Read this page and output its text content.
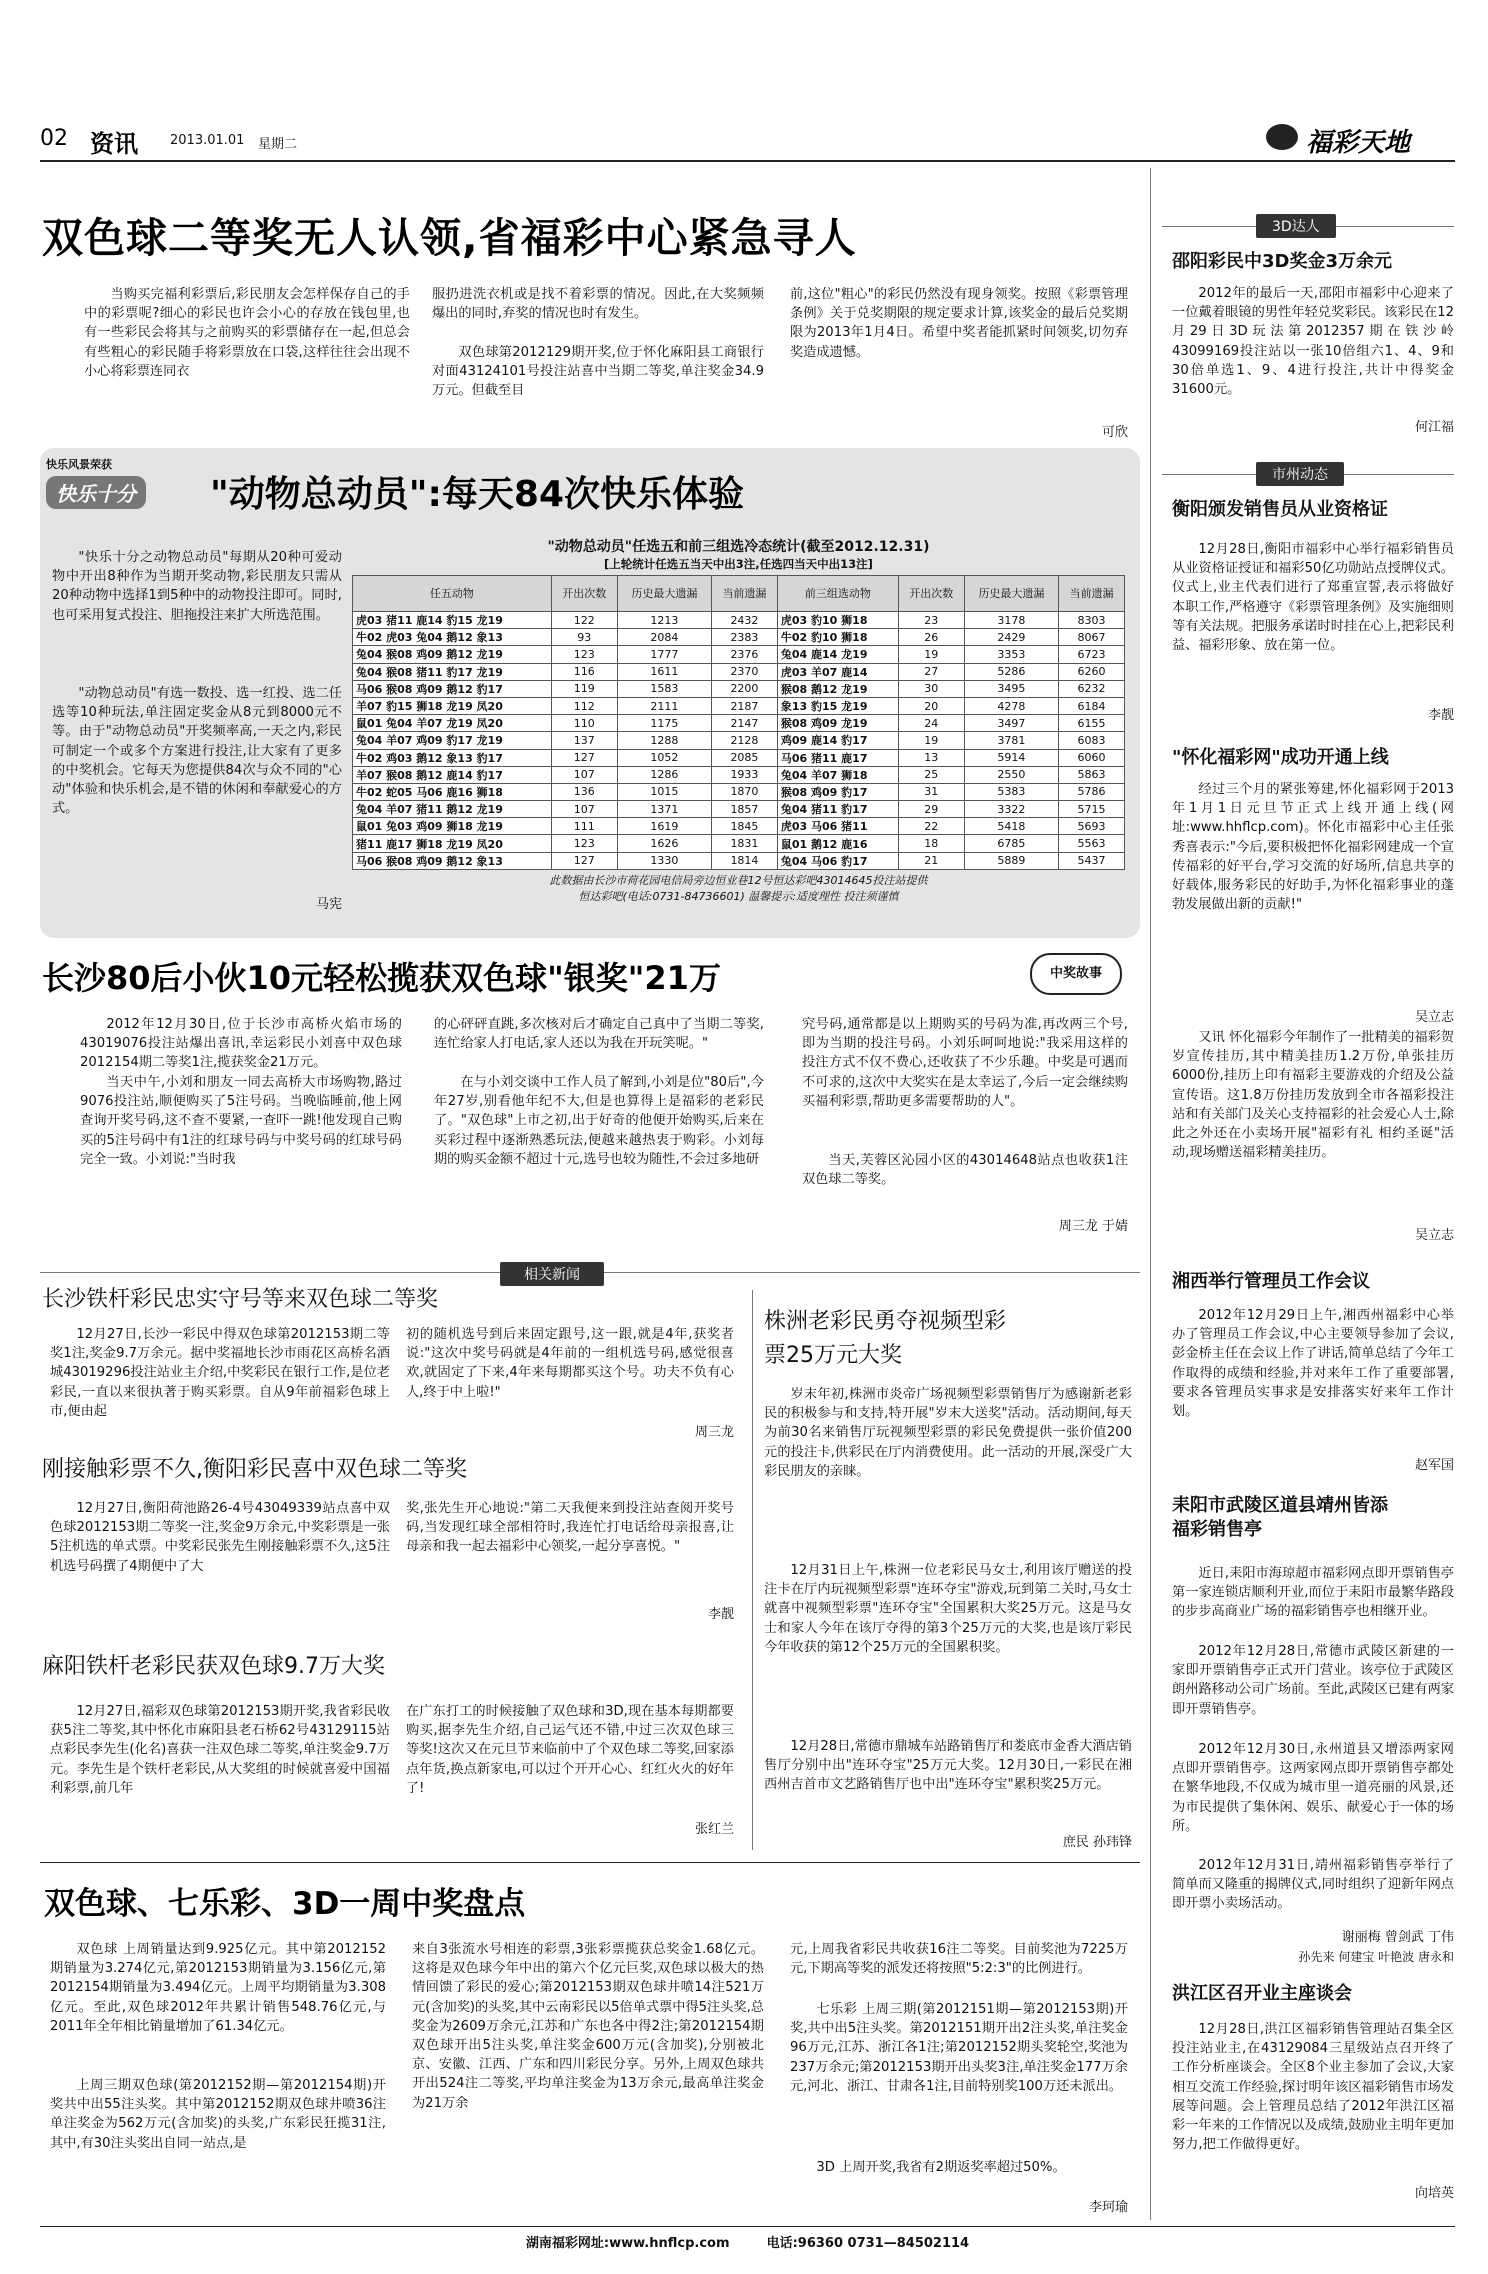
02 资讯 2013.01.01 星期二	福彩天地
双色球二等奖无人认领,省福彩中心紧急寻人

当购买完福利彩票后,彩民朋友会怎样保存自己的手中的彩票呢?细心的彩民也许会小心的存放在钱包里,也有一些彩民会将其与之前购买的彩票储存在一起,但总会有些粗心的彩民随手将彩票放在口袋,这样往往会出现不小心将彩票连同衣

服扔进洗衣机或是找不着彩票的情况。因此,在大奖频频爆出的同时,弃奖的情况也时有发生。

双色球第2012129期开奖,位于怀化麻阳县工商银行对面43124101号投注站喜中当期二等奖,单注奖金34.9万元。但截至目

前,这位"粗心"的彩民仍然没有现身领奖。按照《彩票管理条例》关于兑奖期限的规定要求计算,该奖金的最后兑奖期限为2013年1月4日。希望中奖者能抓紧时间领奖,切勿弃奖造成遗憾。

可欣
快乐风景荣获
快乐十分 "动物总动员":每天84次快乐体验

"快乐十分之动物总动员"每期从20种可爱动物中开出8种作为当期开奖动物,彩民朋友只需从20种动物中选择1到5种中的动物投注即可。同时,也可采用复式投注、胆拖投注来扩大所选范围。

"动物总动员"有选一数投、选一红投、选二任选等10种玩法,单注固定奖金从8元到8000元不等。由于"动物总动员"开奖频率高,一天之内,彩民可制定一个或多个方案进行投注,让大家有了更多的中奖机会。它每天为您提供84次与众不同的"心动"体验和快乐机会,是不错的休闲和奉献爱心的方式。

马宪
"动物总动员"任选五和前三组选冷态统计(截至2012.12.31)
[上轮统计任选五当天中出3注,任选四当天中出13注]
任五动物	开出次数	历史最大遗漏	当前遗漏	前三组选动物	开出次数	历史最大遗漏	当前遗漏
虎03 猪11 鹿14 豹15 龙19	122	1213	2432	虎03 豹10 狮18	23	3178	8303
牛02 虎03 兔04 鹅12 象13	93	2084	2383	牛02 豹10 狮18	26	2429	8067
兔04 猴08 鸡09 鹅12 龙19	123	1777	2376	兔04 鹿14 龙19	19	3353	6723
兔04 猴08 猪11 豹17 龙19	116	1611	2370	虎03 羊07 鹿14	27	5286	6260
马06 猴08 鸡09 鹅12 豹17	119	1583	2200	猴08 鹅12 龙19	30	3495	6232
羊07 豹15 狮18 龙19 凤20	112	2111	2187	象13 豹15 龙19	20	4278	6184
鼠01 兔04 羊07 龙19 凤20	110	1175	2147	猴08 鸡09 龙19	24	3497	6155
兔04 羊07 鸡09 豹17 龙19	137	1288	2128	鸡09 鹿14 豹17	19	3781	6083
牛02 鸡03 鹅12 象13 豹17	127	1052	2085	马06 猪11 鹿17	13	5914	6060
羊07 猴08 鹅12 鹿14 豹17	107	1286	1933	兔04 羊07 狮18	25	2550	5863
牛02 蛇05 马06 鹿16 狮18	136	1015	1870	猴08 鸡09 豹17	31	5383	5786
兔04 羊07 猪11 鹅12 龙19	107	1371	1857	兔04 猪11 豹17	29	3322	5715
鼠01 兔03 鸡09 狮18 龙19	111	1619	1845	虎03 马06 猪11	22	5418	5693
猪11 鹿17 狮18 龙19 凤20	123	1626	1831	鼠01 鹅12 鹿16	18	6785	5563
马06 猴08 鸡09 鹅12 象13	127	1330	1814	兔04 马06 豹17	21	5889	5437
此数据由长沙市荷花园电信局旁边恒业巷12号恒达彩吧43014645投注站提供
恒达彩吧(电话:0731-84736601) 温馨提示:适度理性 投注须谨慎
长沙80后小伙10元轻松揽获双色球"银奖"21万	中奖故事

2012年12月30日,位于长沙市高桥火焰市场的43019076投注站爆出喜讯,幸运彩民小刘喜中双色球2012154期二等奖1注,揽获奖金21万元。

当天中午,小刘和朋友一同去高桥大市场购物,路过9076投注站,顺便购买了5注号码。当晚临睡前,他上网查询开奖号码,这不查不要紧,一查吓一跳!他发现自己购买的5注号码中有1注的红球号码与中奖号码的红球号码完全一致。小刘说:"当时我

的心砰砰直跳,多次核对后才确定自己真中了当期二等奖,连忙给家人打电话,家人还以为我在开玩笑呢。"

在与小刘交谈中工作人员了解到,小刘是位"80后",今年27岁,别看他年纪不大,但是也算得上是福彩的老彩民了。"双色球"上市之初,出于好奇的他便开始购买,后来在买彩过程中逐渐熟悉玩法,便越来越热衷于购彩。小刘每期的购买金额不超过十元,选号也较为随性,不会过多地研

究号码,通常都是以上期购买的号码为准,再改两三个号,即为当期的投注号码。小刘乐呵呵地说:"我采用这样的投注方式不仅不费心,还收获了不少乐趣。中奖是可遇而不可求的,这次中大奖实在是太幸运了,今后一定会继续购买福利彩票,帮助更多需要帮助的人"。

当天,芙蓉区沁园小区的43014648站点也收获1注双色球二等奖。

周三龙 于婧
相关新闻
长沙铁杆彩民忠实守号等来双色球二等奖

12月27日,长沙一彩民中得双色球第2012153期二等奖1注,奖金9.7万余元。据中奖福地长沙市雨花区高桥名酒城43019296投注站业主介绍,中奖彩民在银行工作,是位老彩民,一直以来很执著于购买彩票。自从9年前福彩色球上市,便由起

初的随机选号到后来固定跟号,这一跟,就是4年,获奖者说:"这次中奖号码就是4年前的一组机选号码,感觉很喜欢,就固定了下来,4年来每期都买这个号。功夫不负有心人,终于中上啦!"

周三龙
刚接触彩票不久,衡阳彩民喜中双色球二等奖

12月27日,衡阳荷池路26-4号43049339站点喜中双色球2012153期二等奖一注,奖金9万余元,中奖彩票是一张5注机选的单式票。中奖彩民张先生刚接触彩票不久,这5注机选号码撰了4期便中了大

奖,张先生开心地说:"第二天我便来到投注站查阅开奖号码,当发现红球全部相符时,我连忙打电话给母亲报喜,让母亲和我一起去福彩中心领奖,一起分享喜悦。"

李靓
麻阳铁杆老彩民获双色球9.7万大奖

12月27日,福彩双色球第2012153期开奖,我省彩民收获5注二等奖,其中怀化市麻阳县老石桥62号43129115站点彩民李先生(化名)喜获一注双色球二等奖,单注奖金9.7万元。李先生是个铁杆老彩民,从大奖组的时候就喜爱中国福利彩票,前几年

在广东打工的时候接触了双色球和3D,现在基本每期都要购买,据李先生介绍,自己运气还不错,中过三次双色球三等奖!这次又在元旦节来临前中了个双色球二等奖,回家添点年货,换点新家电,可以过个开开心心、红红火火的好年了!

张红兰
株洲老彩民勇夺视频型彩票25万元大奖

岁末年初,株洲市炎帝广场视频型彩票销售厅为感谢新老彩民的积极参与和支持,特开展"岁末大送奖"活动。活动期间,每天为前30名来销售厅玩视频型彩票的彩民免费提供一张价值200元的投注卡,供彩民在厅内消费使用。此一活动的开展,深受广大彩民朋友的亲睐。

12月31日上午,株洲一位老彩民马女士,利用该厅赠送的投注卡在厅内玩视频型彩票"连环夺宝"游戏,玩到第二关时,马女士就喜中视频型彩票"连环夺宝"全国累积大奖25万元。这是马女士和家人今年在该厅夺得的第3个25万元的大奖,也是该厅彩民今年收获的第12个25万元的全国累积奖。

12月28日,常德市鼎城车站路销售厅和娄底市金香大酒店销售厅分别中出"连环夺宝"25万元大奖。12月30日,一彩民在湘西州吉首市文艺路销售厅也中出"连环夺宝"累积奖25万元。

庶民 孙玮锋
双色球、七乐彩、3D一周中奖盘点

双色球 上周销量达到9.925亿元。其中第2012152期销量为3.274亿元,第2012153期销量为3.156亿元,第2012154期销量为3.494亿元。上周平均期销量为3.308亿元。至此,双色球2012年共累计销售548.76亿元,与2011年全年相比销量增加了61.34亿元。

上周三期双色球(第2012152期—第2012154期)开奖共中出55注头奖。其中第2012152期双色球井喷36注单注奖金为562万元(含加奖)的头奖,广东彩民狂揽31注,其中,有30注头奖出自同一站点,是

来自3张流水号相连的彩票,3张彩票揽获总奖金1.68亿元。这将是双色球今年中出的第六个亿元巨奖,双色球以极大的热情回馈了彩民的爱心;第2012153期双色球井喷14注521万元(含加奖)的头奖,其中云南彩民以5倍单式票中得5注头奖,总奖金为2609万余元,江苏和广东也各中得2注;第2012154期双色球开出5注头奖,单注奖金600万元(含加奖),分别被北京、安徽、江西、广东和四川彩民分享。另外,上周双色球共开出524注二等奖,平均单注奖金为13万余元,最高单注奖金为21万余

元,上周我省彩民共收获16注二等奖。目前奖池为7225万元,下期高等奖的派发还将按照"5:2:3"的比例进行。

七乐彩 上周三期(第2012151期—第2012153期)开奖,共中出5注头奖。第2012151期开出2注头奖,单注奖金96万元,江苏、浙江各1注;第2012152期头奖轮空,奖池为237万余元;第2012153期开出头奖3注,单注奖金177万余元,河北、浙江、甘肃各1注,目前特别奖100万还未派出。

3D 上周开奖,我省有2期返奖率超过50%。

李珂瑜
3D达人
邵阳彩民中3D奖金3万余元

2012年的最后一天,邵阳市福彩中心迎来了一位戴着眼镜的男性年轻兑奖彩民。该彩民在12月29日3D玩法第2012357期在铁沙岭43099169投注站以一张10倍组六1、4、9和30倍单选1、9、4进行投注,共计中得奖金31600元。

何江福
市州动态
衡阳颁发销售员从业资格证

12月28日,衡阳市福彩中心举行福彩销售员从业资格证授证和福彩50亿功勋站点授牌仪式。仪式上,业主代表们进行了郑重宣誓,表示将做好本职工作,严格遵守《彩票管理条例》及实施细则等有关法规。把服务承诺时时挂在心上,把彩民利益、福彩形象、放在第一位。

李靓
"怀化福彩网"成功开通上线

经过三个月的紧张筹建,怀化福彩网于2013年1月1日元旦节正式上线开通上线(网址:www.hhflcp.com)。怀化市福彩中心主任张秀喜表示:"今后,要积极把怀化福彩网建成一个宣传福彩的好平台,学习交流的好场所,信息共享的好载体,服务彩民的好助手,为怀化福彩事业的蓬勃发展做出新的贡献!"

吴立志

又讯 怀化福彩今年制作了一批精美的福彩贺岁宣传挂历,其中精美挂历1.2万份,单张挂历6000份,挂历上印有福彩主要游戏的介绍及公益宣传语。这1.8万份挂历发放到全市各福彩投注站和有关部门及关心支持福彩的社会爱心人士,除此之外还在小卖场开展"福彩有礼 相约圣诞"活动,现场赠送福彩精美挂历。

吴立志
湘西举行管理员工作会议

2012年12月29日上午,湘西州福彩中心举办了管理员工作会议,中心主要领导参加了会议,彭金桥主任在会议上作了讲话,简单总结了今年工作取得的成绩和经验,并对来年工作了重要部署,要求各管理员实事求是安排落实好来年工作计划。

赵军国
耒阳市武陵区道县靖州皆添福彩销售亭

近日,耒阳市海琼超市福彩网点即开票销售亭第一家连锁店顺利开业,而位于耒阳市最繁华路段的步步高商业广场的福彩销售亭也相继开业。

2012年12月28日,常德市武陵区新建的一家即开票销售亭正式开门营业。该亭位于武陵区朗州路移动公司广场前。至此,武陵区已建有两家即开票销售亭。

2012年12月30日,永州道县又增添两家网点即开票销售亭。这两家网点即开票销售亭都处在繁华地段,不仅成为城市里一道亮丽的风景,还为市民提供了集休闲、娱乐、献爱心于一体的场所。

2012年12月31日,靖州福彩销售亭举行了简单而又隆重的揭牌仪式,同时组织了迎新年网点即开票小卖场活动。

谢丽梅 曾剑武 丁伟
孙先来 何建宝 叶艳波 唐永和
洪江区召开业主座谈会

12月28日,洪江区福彩销售管理站召集全区投注站业主,在43129084三星级站点召开终了工作分析座谈会。全区8个业主参加了会议,大家相互交流工作经验,探讨明年该区福彩销售市场发展等问题。会上管理员总结了2012年洪江区福彩一年来的工作情况以及成绩,鼓励业主明年更加努力,把工作做得更好。

向培英
湖南福彩网址:www.hnflcp.com	电话:96360 0731—84502114
